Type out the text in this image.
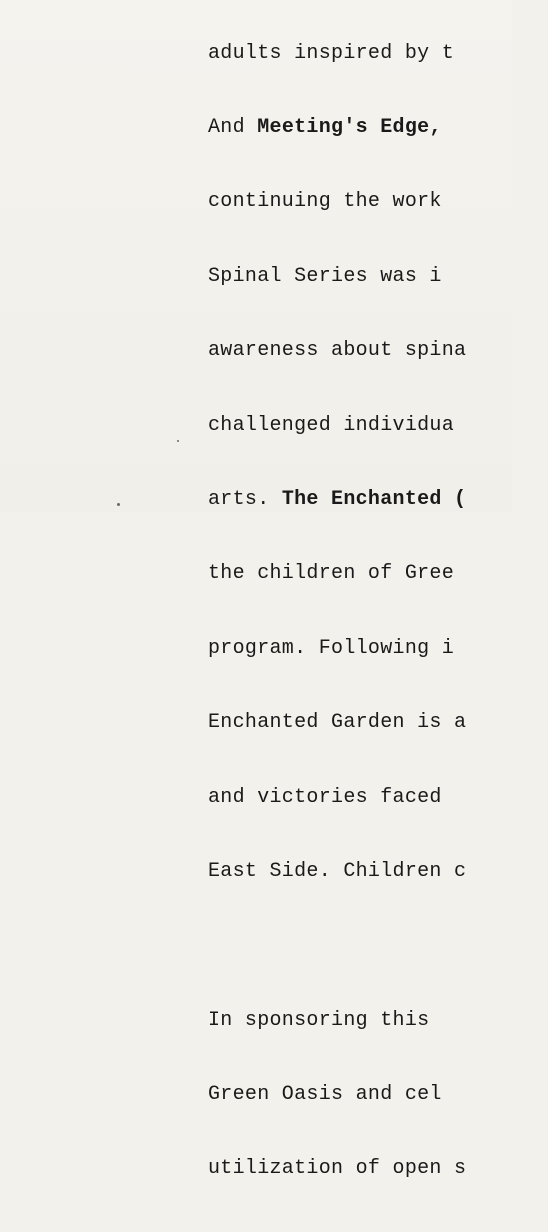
adults inspired by t

And Meeting's Edge,

continuing the work

Spinal Series was i

awareness about spina

challenged individua

arts. The Enchanted (

the children of Gree

program. Following i

Enchanted Garden is a

and victories faced

East Side. Children c

In sponsoring this

Green Oasis and cel

utilization of open s
